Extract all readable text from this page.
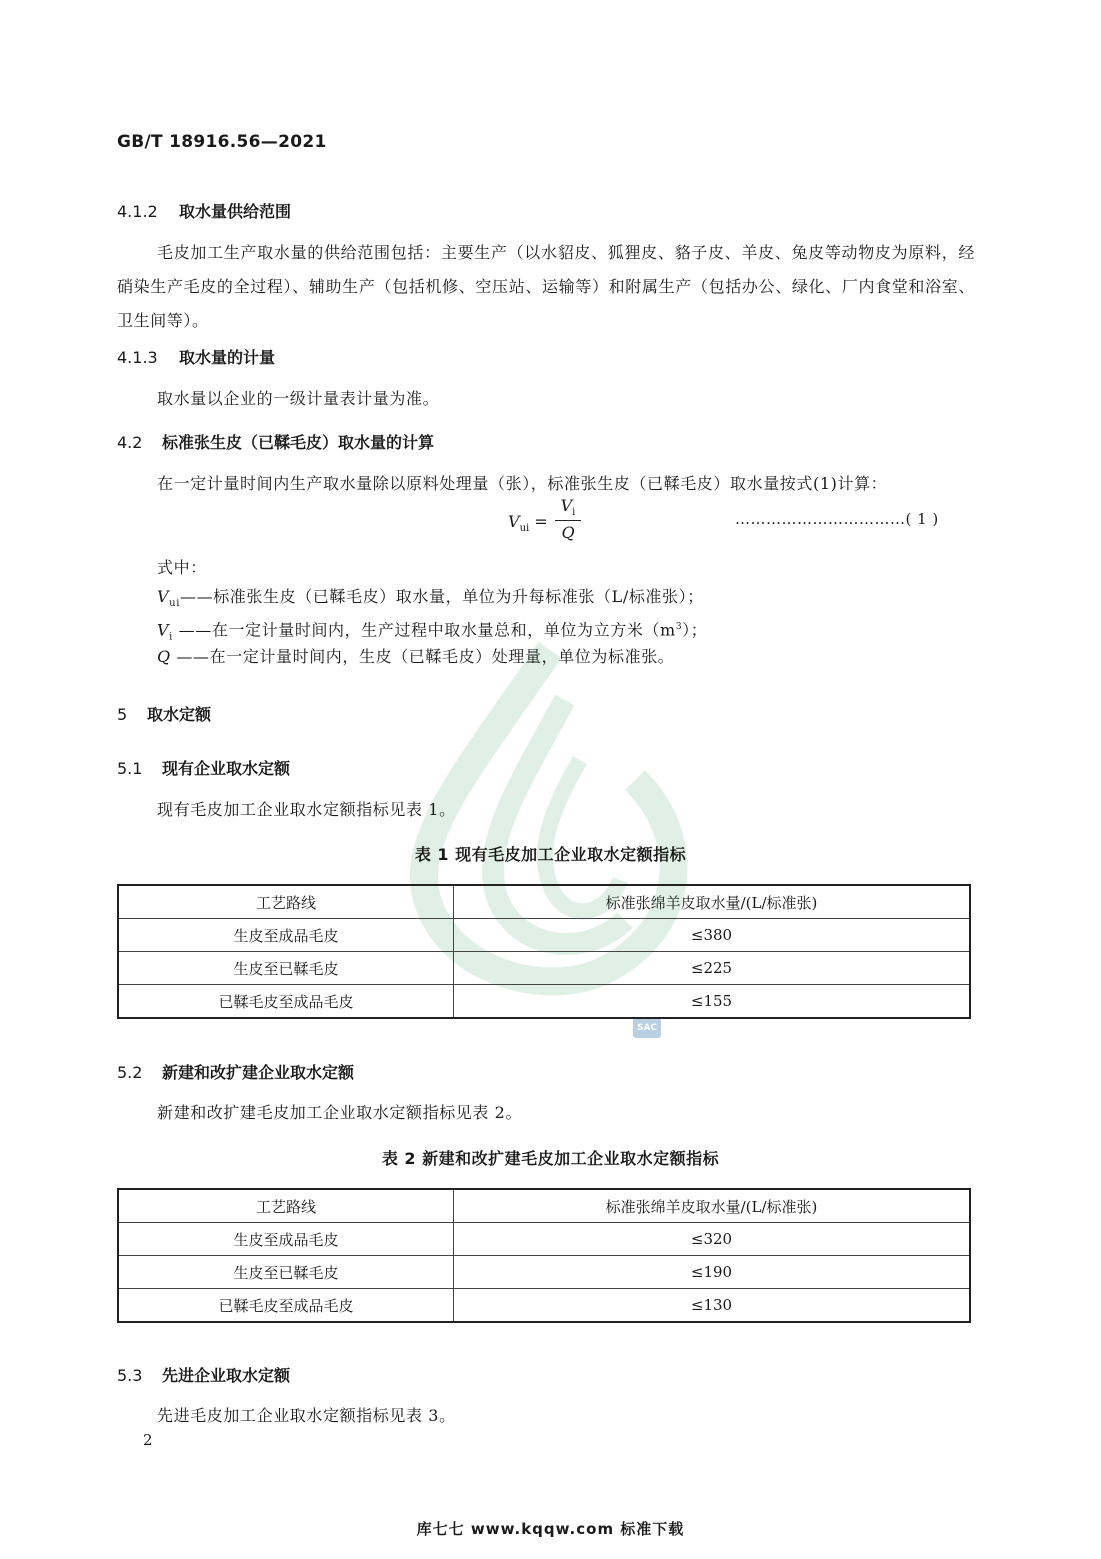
SAC
GB/T 18916.56—2021
4.1.2 取水量供给范围
毛皮加工生产取水量的供给范围包括：主要生产（以水貂皮、狐狸皮、貉子皮、羊皮、兔皮等动物皮为原料，经硝染生产毛皮的全过程）、辅助生产（包括机修、空压站、运输等）和附属生产（包括办公、绿化、厂内食堂和浴室、卫生间等）。
4.1.3 取水量的计量
取水量以企业的一级计量表计量为准。
4.2 标准张生皮（已鞣毛皮）取水量的计算
在一定计量时间内生产取水量除以原料处理量（张），标准张生皮（已鞣毛皮）取水量按式(1)计算：
$V_{ui}$ =
$V_i$
Q
……………………………( 1 )
式中：
$V_{ui}——$标准张生皮（已鞣毛皮）取水量，单位为升每标准张（L/标准张）；
$V_i$ ——在一定计量时间内，生产过程中取水量总和，单位为立方米$(m^3)$；
Q ——在一定计量时间内，生皮（已鞣毛皮）处理量，单位为标准张。
5 取水定额
5.1 现有企业取水定额
现有毛皮加工企业取水定额指标见表 1。
表 1 现有毛皮加工企业取水定额指标
工艺路线	标准张绵羊皮取水量/(L/标准张)
生皮至成品毛皮	≤380
生皮至已鞣毛皮	≤225
已鞣毛皮至成品毛皮	≤155
5.2 新建和改扩建企业取水定额
新建和改扩建毛皮加工企业取水定额指标见表 2。
表 2 新建和改扩建毛皮加工企业取水定额指标
工艺路线	标准张绵羊皮取水量/(L/标准张)
生皮至成品毛皮	≤320
生皮至已鞣毛皮	≤190
已鞣毛皮至成品毛皮	≤130
5.3 先进企业取水定额
先进毛皮加工企业取水定额指标见表 3。
2
库七七 www.kqqw.com 标准下载
